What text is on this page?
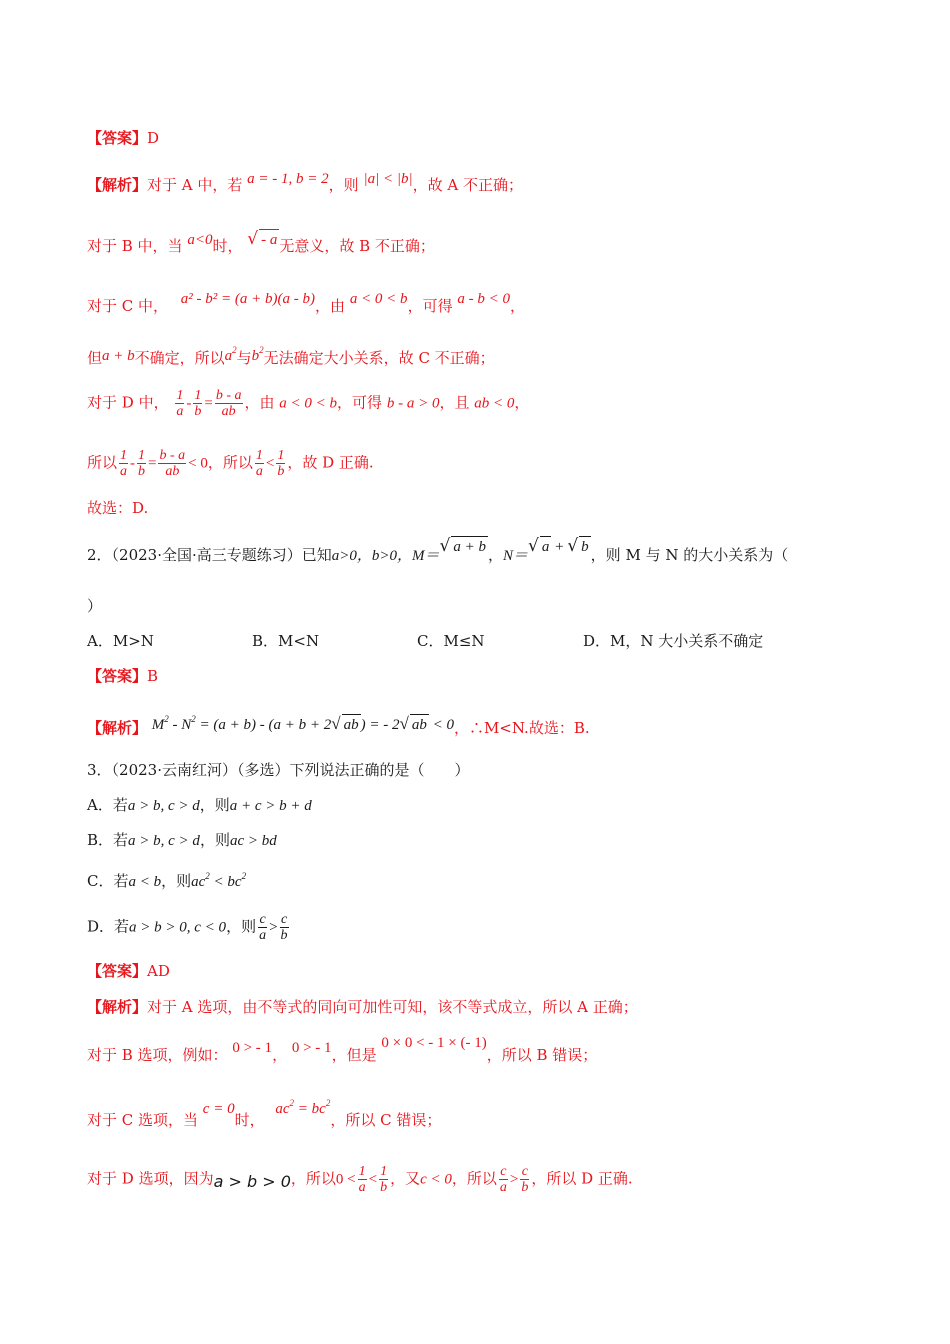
【答案】D
【解析】对于 A 中，若 a = - 1, b = 2，则 |a| < |b|，故 A 不正确；
对于 B 中，当 a<0时， √ - a 无意义，故 B 不正确；
对于 C 中， a² - b² = (a + b)(a - b)，由 a < 0 < b，可得 a - b < 0，
但a + b不确定，所以$a^2$与$b^2$无法确定大小关系，故 C 不正确；
对于 D 中， $\frac{1}{a} - \frac{1}{b} = \frac{b - a}{ab}$ ，由 a < 0 < b，可得 b - a > 0，且 ab < 0，
所以 $\frac{1}{a} - \frac{1}{b} = \frac{b - a}{ab} < 0$，所以 $\frac{1}{a} < \frac{1}{b}$ ，故 D 正确.
故选：D.
2．（2023·全国·高三专题练习）已知a>0，b>0，M＝√ a + b ，N＝√ a + √ b ，则 M 与 N 的大小关系为（
）
A．M>N	B．M<N	C．M≤N	D．M，N 大小关系不确定
【答案】B
【解析】 $M^2 - N^2 = (a + b) - (a + b + 2√$ ab ) = - 2√ ab < 0，∴M<N.故选：B.
3．（2023·云南红河）（多选）下列说法正确的是（　　）
A．若a > b, c > d，则a + c > b + d
B．若a > b, c > d，则ac > bd
C．若a < b，则$ac^2 < bc^2$
D．若a > b > 0, c < 0，则 $\frac{c}{a} > \frac{c}{b}$
【答案】AD
【解析】对于 A 选项，由不等式的同向可加性可知，该不等式成立，所以 A 正确；
对于 B 选项，例如： 0 > - 1， 0 > - 1，但是 0 × 0 < - 1 × (- 1)，所以 B 错误；
对于 C 选项，当 c = 0时， $ac^2 = bc^2$，所以 C 错误；
对于 D 选项，因为a > b > 0，所以$0 < \frac{1}{a} < \frac{1}{b}$ ，又c < 0，所以 $\frac{c}{a} > \frac{c}{b}$ ，所以 D 正确.
